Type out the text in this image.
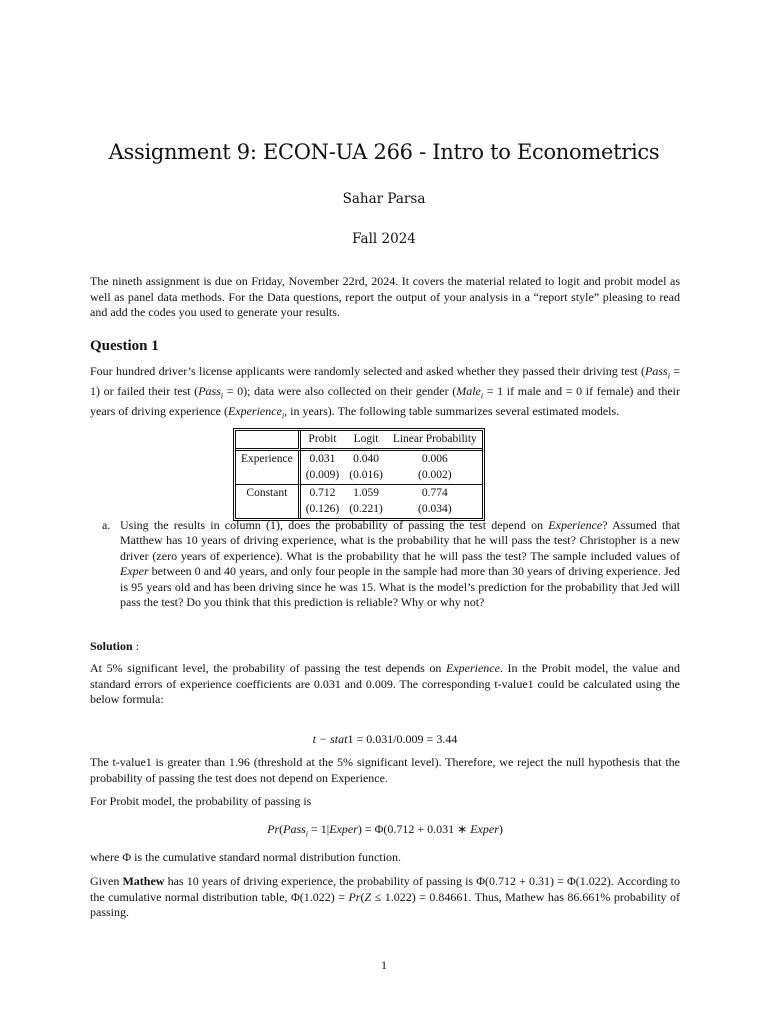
Assignment 9: ECON-UA 266 - Intro to Econometrics
Sahar Parsa
Fall 2024
The nineth assignment is due on Friday, November 22rd, 2024. It covers the material related to logit and probit model as well as panel data methods. For the Data questions, report the output of your analysis in a “report style” pleasing to read and add the codes you used to generate your results.
Question 1
Four hundred driver’s license applicants were randomly selected and asked whether they passed their driving test (Pass$_i$ = 1) or failed their test (Pass$_i$ = 0); data were also collected on their gender (Male$_i$ = 1 if male and = 0 if female) and their years of driving experience (Experience$_i$, in years). The following table summarizes several estimated models.
	Probit	Logit	Linear Probability
Experience	0.031	0.040	0.006
	(0.009)	(0.016)	(0.002)
Constant	0.712	1.059	0.774
	(0.126)	(0.221)	(0.034)
a. Using the results in column (1), does the probability of passing the test depend on Experience? Assumed that Matthew has 10 years of driving experience, what is the probability that he will pass the test? Christopher is a new driver (zero years of experience). What is the probability that he will pass the test? The sample included values of Exper between 0 and 40 years, and only four people in the sample had more than 30 years of driving experience. Jed is 95 years old and has been driving since he was 15. What is the model’s prediction for the probability that Jed will pass the test? Do you think that this prediction is reliable? Why or why not?
Solution :
At 5% significant level, the probability of passing the test depends on Experience. In the Probit model, the value and standard errors of experience coefficients are 0.031 and 0.009. The corresponding t-value1 could be calculated using the below formula:
t − stat1 = 0.031/0.009 = 3.44
The t-value1 is greater than 1.96 (threshold at the 5% significant level). Therefore, we reject the null hypothesis that the probability of passing the test does not depend on Experience.
For Probit model, the probability of passing is
Pr(Pass$_i$ = 1|Exper) = Φ(0.712 + 0.031 ∗ Exper)
where Φ is the cumulative standard normal distribution function.
Given Mathew has 10 years of driving experience, the probability of passing is Φ(0.712 + 0.31) = Φ(1.022). According to the cumulative normal distribution table, Φ(1.022) = Pr(Z ≤ 1.022) = 0.84661. Thus, Mathew has 86.661% probability of passing.
1
